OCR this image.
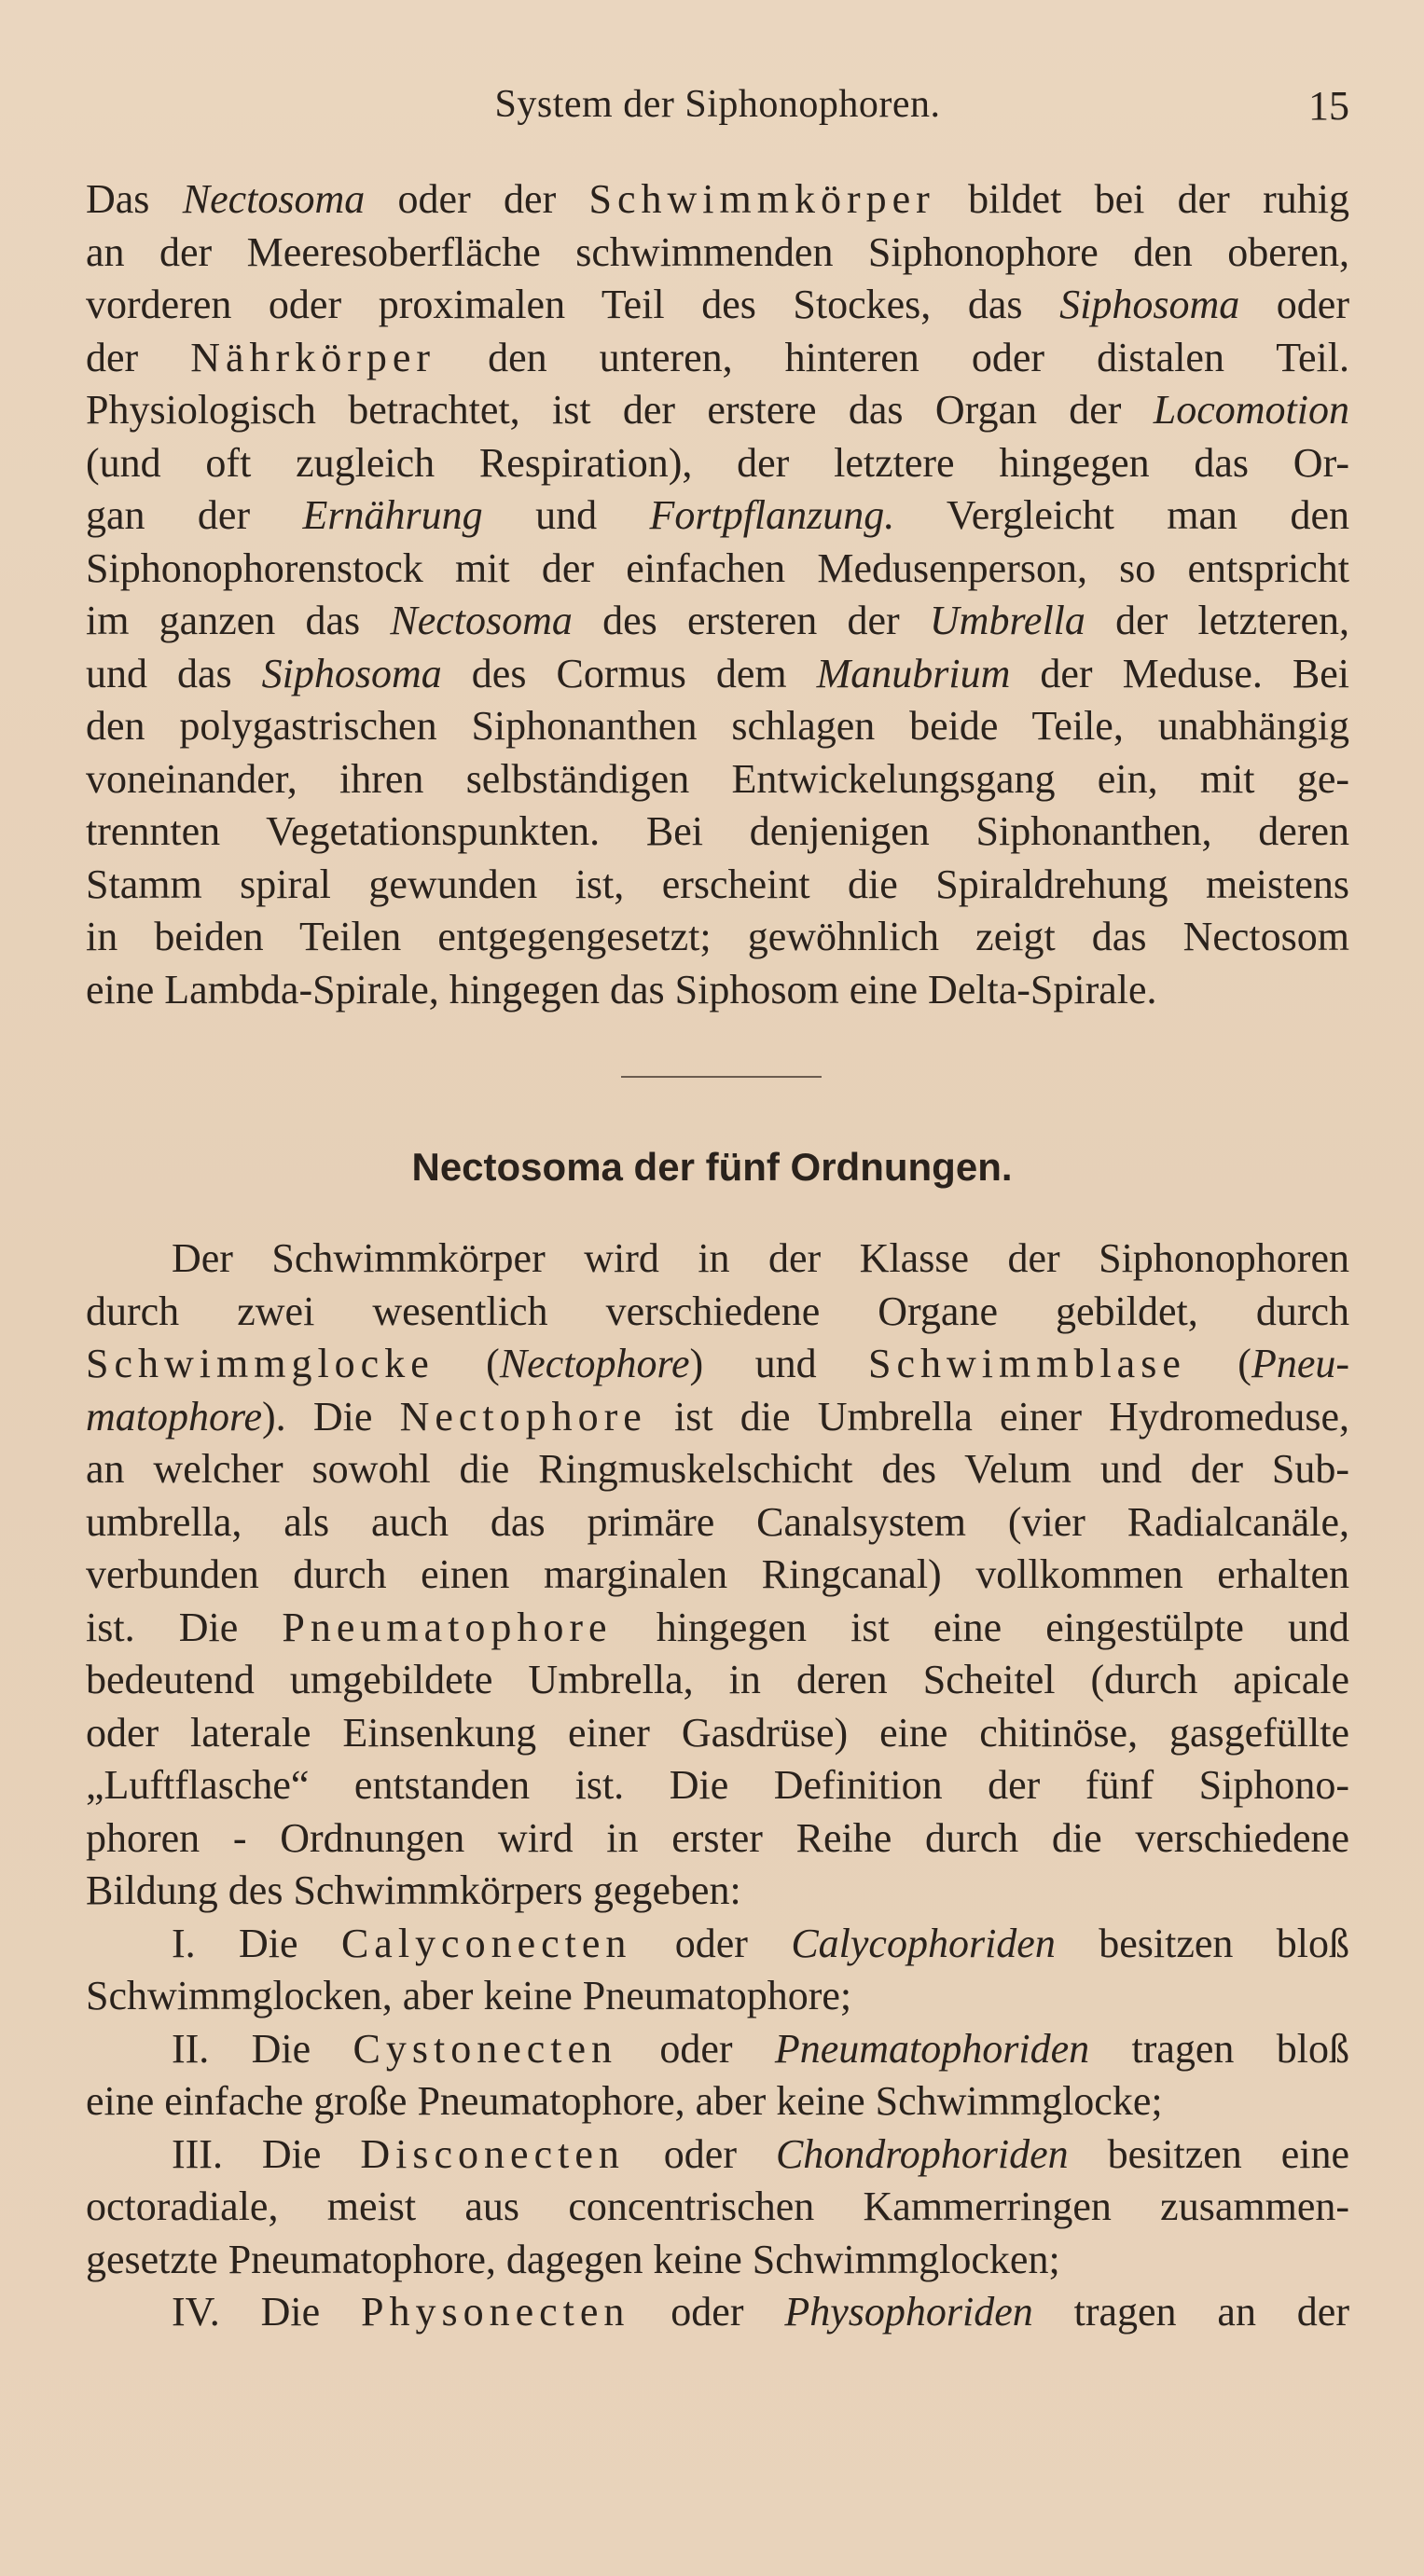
System der Siphonophoren.	15
Das Nectosoma oder der Schwimmkörper bildet bei der ruhig
an der Meeresoberfläche schwimmenden Siphonophore den oberen,
vorderen oder proximalen Teil des Stockes, das Siphosoma oder
der Nährkörper den unteren, hinteren oder distalen Teil.
Physiologisch betrachtet, ist der erstere das Organ der Locomotion
(und oft zugleich Respiration), der letztere hingegen das Or-
gan der Ernährung und Fortpflanzung. Vergleicht man den
Siphonophorenstock mit der einfachen Medusenperson, so entspricht
im ganzen das Nectosoma des ersteren der Umbrella der letzteren,
und das Siphosoma des Cormus dem Manubrium der Meduse. Bei
den polygastrischen Siphonanthen schlagen beide Teile, unabhängig
voneinander, ihren selbständigen Entwickelungsgang ein, mit ge-
trennten Vegetationspunkten. Bei denjenigen Siphonanthen, deren
Stamm spiral gewunden ist, erscheint die Spiraldrehung meistens
in beiden Teilen entgegengesetzt; gewöhnlich zeigt das Nectosom
eine Lambda-Spirale, hingegen das Siphosom eine Delta-Spirale.
Nectosoma der fünf Ordnungen.
Der Schwimmkörper wird in der Klasse der Siphonophoren
durch zwei wesentlich verschiedene Organe gebildet, durch
Schwimmglocke (Nectophore) und Schwimmblase (Pneu-
matophore). Die Nectophore ist die Umbrella einer Hydromeduse,
an welcher sowohl die Ringmuskelschicht des Velum und der Sub-
umbrella, als auch das primäre Canalsystem (vier Radialcanäle,
verbunden durch einen marginalen Ringcanal) vollkommen erhalten
ist. Die Pneumatophore hingegen ist eine eingestülpte und
bedeutend umgebildete Umbrella, in deren Scheitel (durch apicale
oder laterale Einsenkung einer Gasdrüse) eine chitinöse, gasgefüllte
„Luftflasche“ entstanden ist. Die Definition der fünf Siphono-
phoren - Ordnungen wird in erster Reihe durch die verschiedene
Bildung des Schwimmkörpers gegeben:
I. Die Calyconecten oder Calycophoriden besitzen bloß
Schwimmglocken, aber keine Pneumatophore;
II. Die Cystonecten oder Pneumatophoriden tragen bloß
eine einfache große Pneumatophore, aber keine Schwimmglocke;
III. Die Disconecten oder Chondrophoriden besitzen eine
octoradiale, meist aus concentrischen Kammerringen zusammen-
gesetzte Pneumatophore, dagegen keine Schwimmglocken;
IV. Die Physonecten oder Physophoriden tragen an der
